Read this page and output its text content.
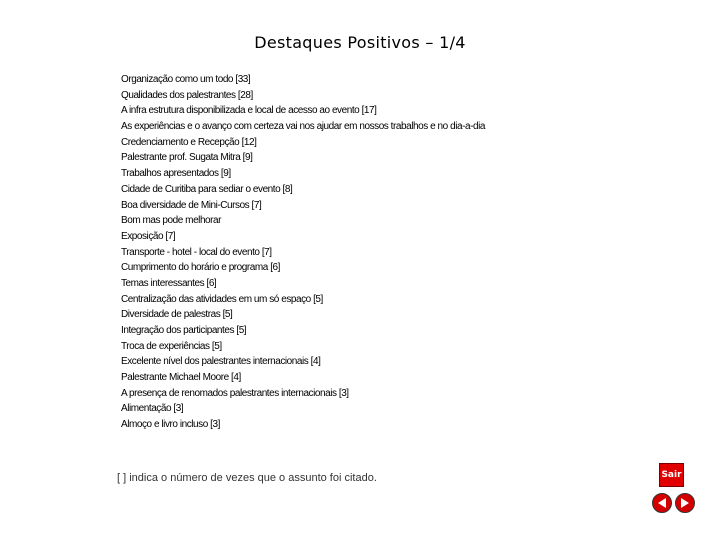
Destaques Positivos – 1/4
Organização como um todo [33]
Qualidades dos palestrantes [28]
A infra estrutura disponibilizada e local de acesso ao evento [17]
As experiências e o avanço com certeza vai nos ajudar em nossos trabalhos e no dia-a-dia
Credenciamento e Recepção [12]
Palestrante prof. Sugata Mitra [9]
Trabalhos apresentados [9]
Cidade de Curitiba para sediar o evento [8]
Boa diversidade de Mini-Cursos [7]
Bom mas pode melhorar
Exposição [7]
Transporte - hotel - local do evento [7]
Cumprimento do horário e programa [6]
Temas interessantes [6]
Centralização das atividades em um só espaço [5]
Diversidade de palestras [5]
Integração dos participantes [5]
Troca de experiências [5]
Excelente nível dos palestrantes internacionais [4]
Palestrante Michael Moore [4]
A presença de renomados palestrantes internacionais [3]
Alimentação [3]
Almoço e livro incluso [3]
[ ] indica o número de vezes que o assunto foi citado.	Sair
